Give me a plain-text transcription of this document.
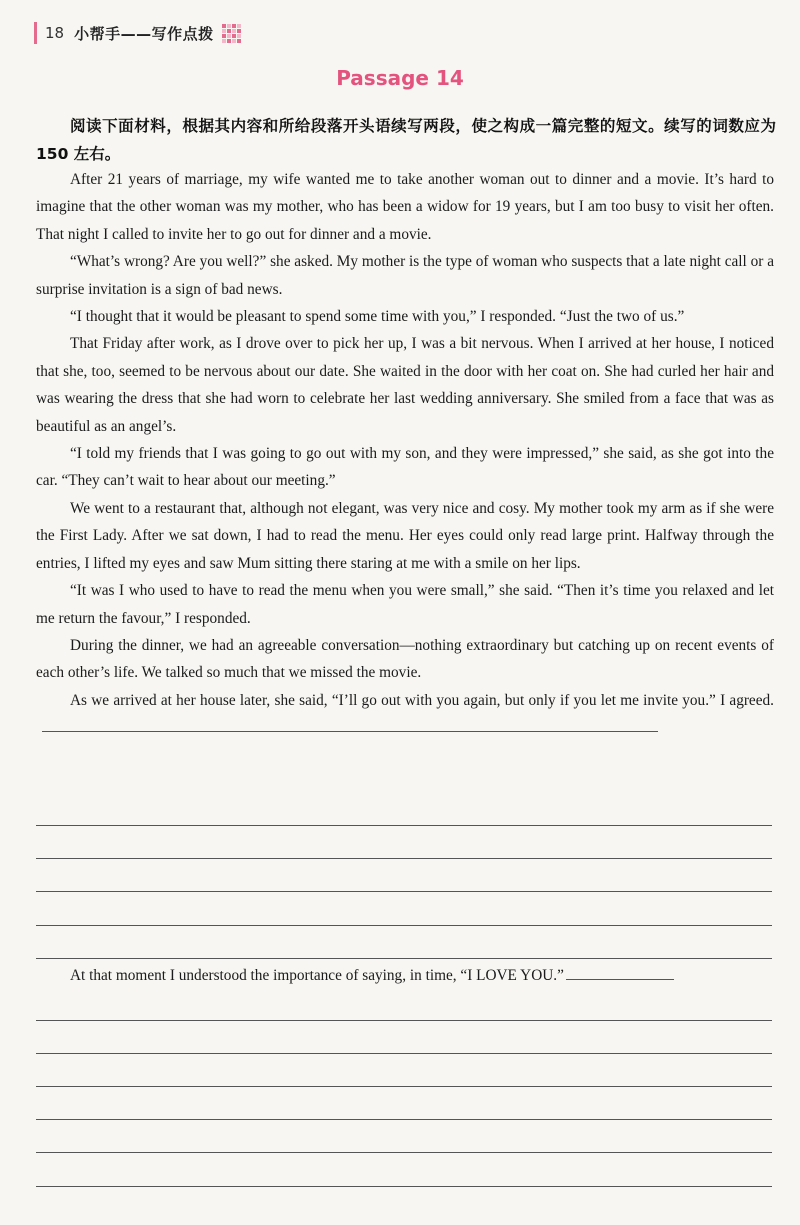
18 小帮手——写作点拨
Passage 14
阅读下面材料，根据其内容和所给段落开头语续写两段，使之构成一篇完整的短文。续写的词数应为 150 左右。

After 21 years of marriage, my wife wanted me to take another woman out to dinner and a movie. It’s hard to imagine that the other woman was my mother, who has been a widow for 19 years, but I am too busy to visit her often. That night I called to invite her to go out for dinner and a movie.

“What’s wrong? Are you well?” she asked. My mother is the type of woman who suspects that a late night call or a surprise invitation is a sign of bad news.

“I thought that it would be pleasant to spend some time with you,” I responded. “Just the two of us.”

That Friday after work, as I drove over to pick her up, I was a bit nervous. When I arrived at her house, I noticed that she, too, seemed to be nervous about our date. She waited in the door with her coat on. She had curled her hair and was wearing the dress that she had worn to celebrate her last wedding anniversary. She smiled from a face that was as beautiful as an angel’s.

“I told my friends that I was going to go out with my son, and they were impressed,” she said, as she got into the car. “They can’t wait to hear about our meeting.”

We went to a restaurant that, although not elegant, was very nice and cosy. My mother took my arm as if she were the First Lady. After we sat down, I had to read the menu. Her eyes could only read large print. Halfway through the entries, I lifted my eyes and saw Mum sitting there staring at me with a smile on her lips.

“It was I who used to have to read the menu when you were small,” she said. “Then it’s time you relaxed and let me return the favour,” I responded.

During the dinner, we had an agreeable conversation—nothing extraordinary but catching up on recent events of each other’s life. We talked so much that we missed the movie.

As we arrived at her house later, she said, “I’ll go out with you again, but only if you let me invite you.” I agreed.

At that moment I understood the importance of saying, in time, “I LOVE YOU.”
